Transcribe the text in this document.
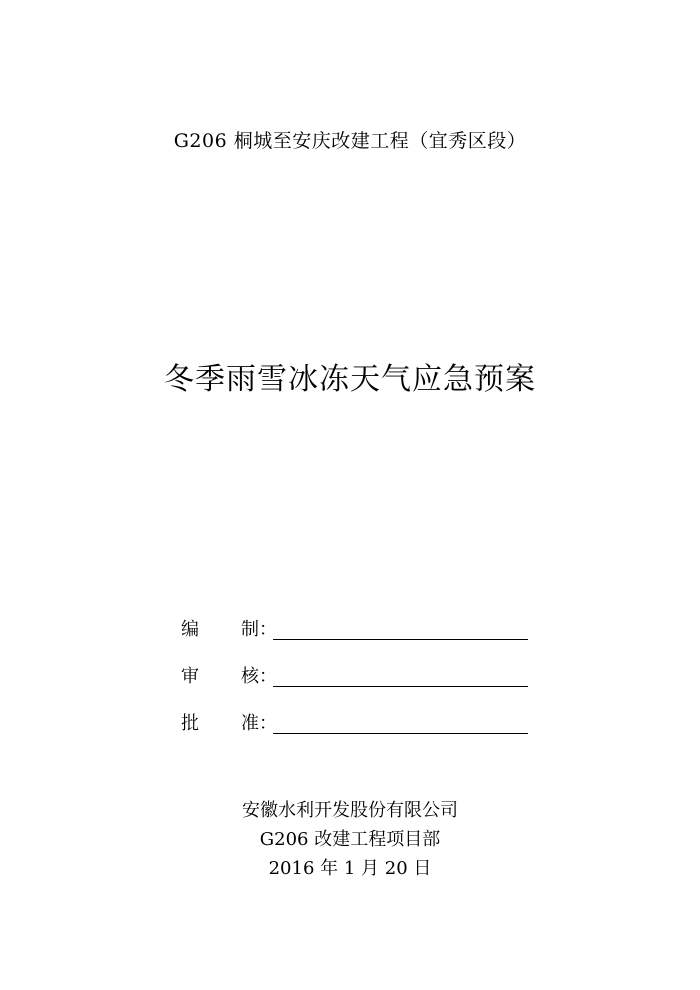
G206 桐城至安庆改建工程（宜秀区段）
冬季雨雪冰冻天气应急预案
编 制 ：
审 核 ：
批 准 ：
安徽水利开发股份有限公司
G206 改建工程项目部
2016 年 1 月 20 日
